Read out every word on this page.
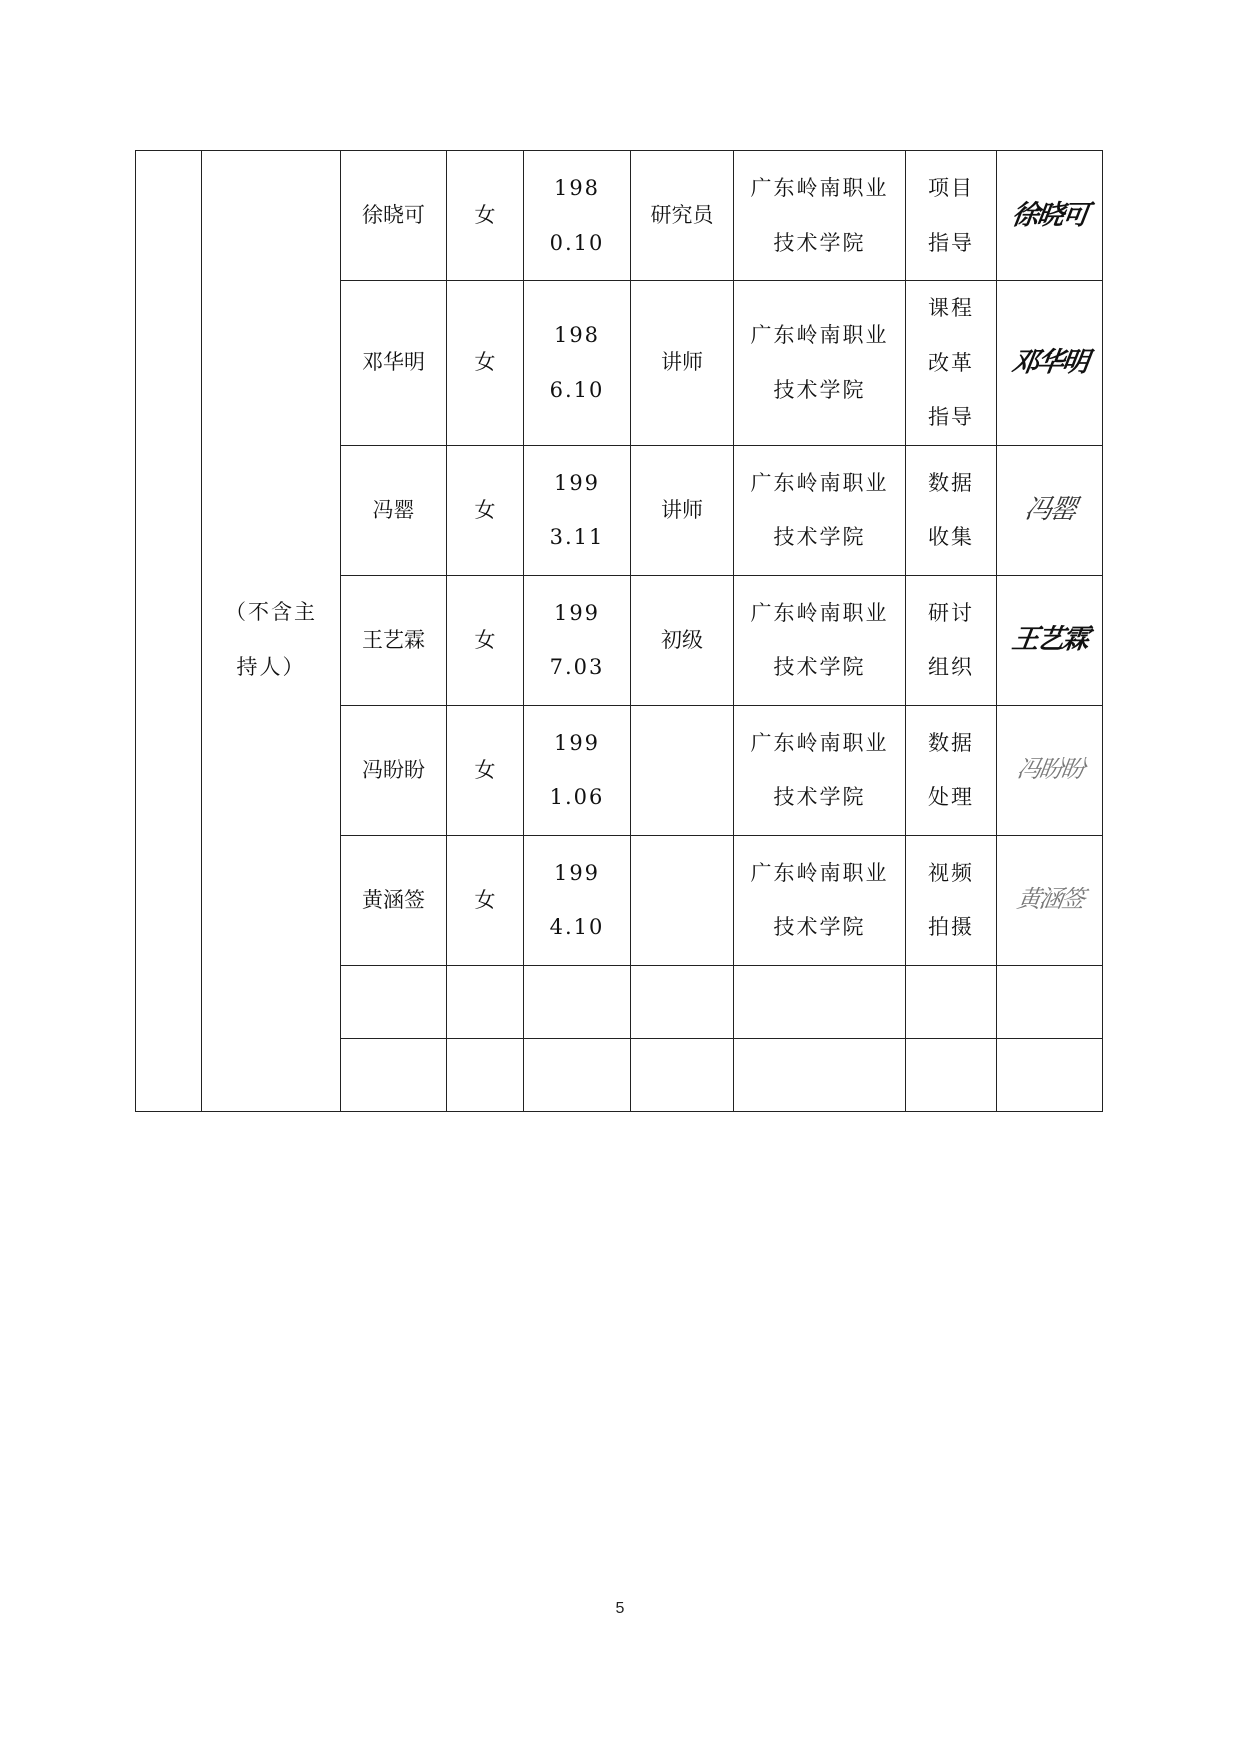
	（不含主持人）	徐晓可	女	1980.10	研究员	广东岭南职业技术学院	项目指导	徐晓可
		邓华明	女	1986.10	讲师	广东岭南职业技术学院	课程改革指导	邓华明
		冯罂	女	1993.11	讲师	广东岭南职业技术学院	数据收集	冯罂
		王艺霖	女	1997.03	初级	广东岭南职业技术学院	研讨组织	王艺霖
		冯盼盼	女	1991.06		广东岭南职业技术学院	数据处理	冯盼盼
		黄涵签	女	1994.10		广东岭南职业技术学院	视频拍摄	黄涵签

5
